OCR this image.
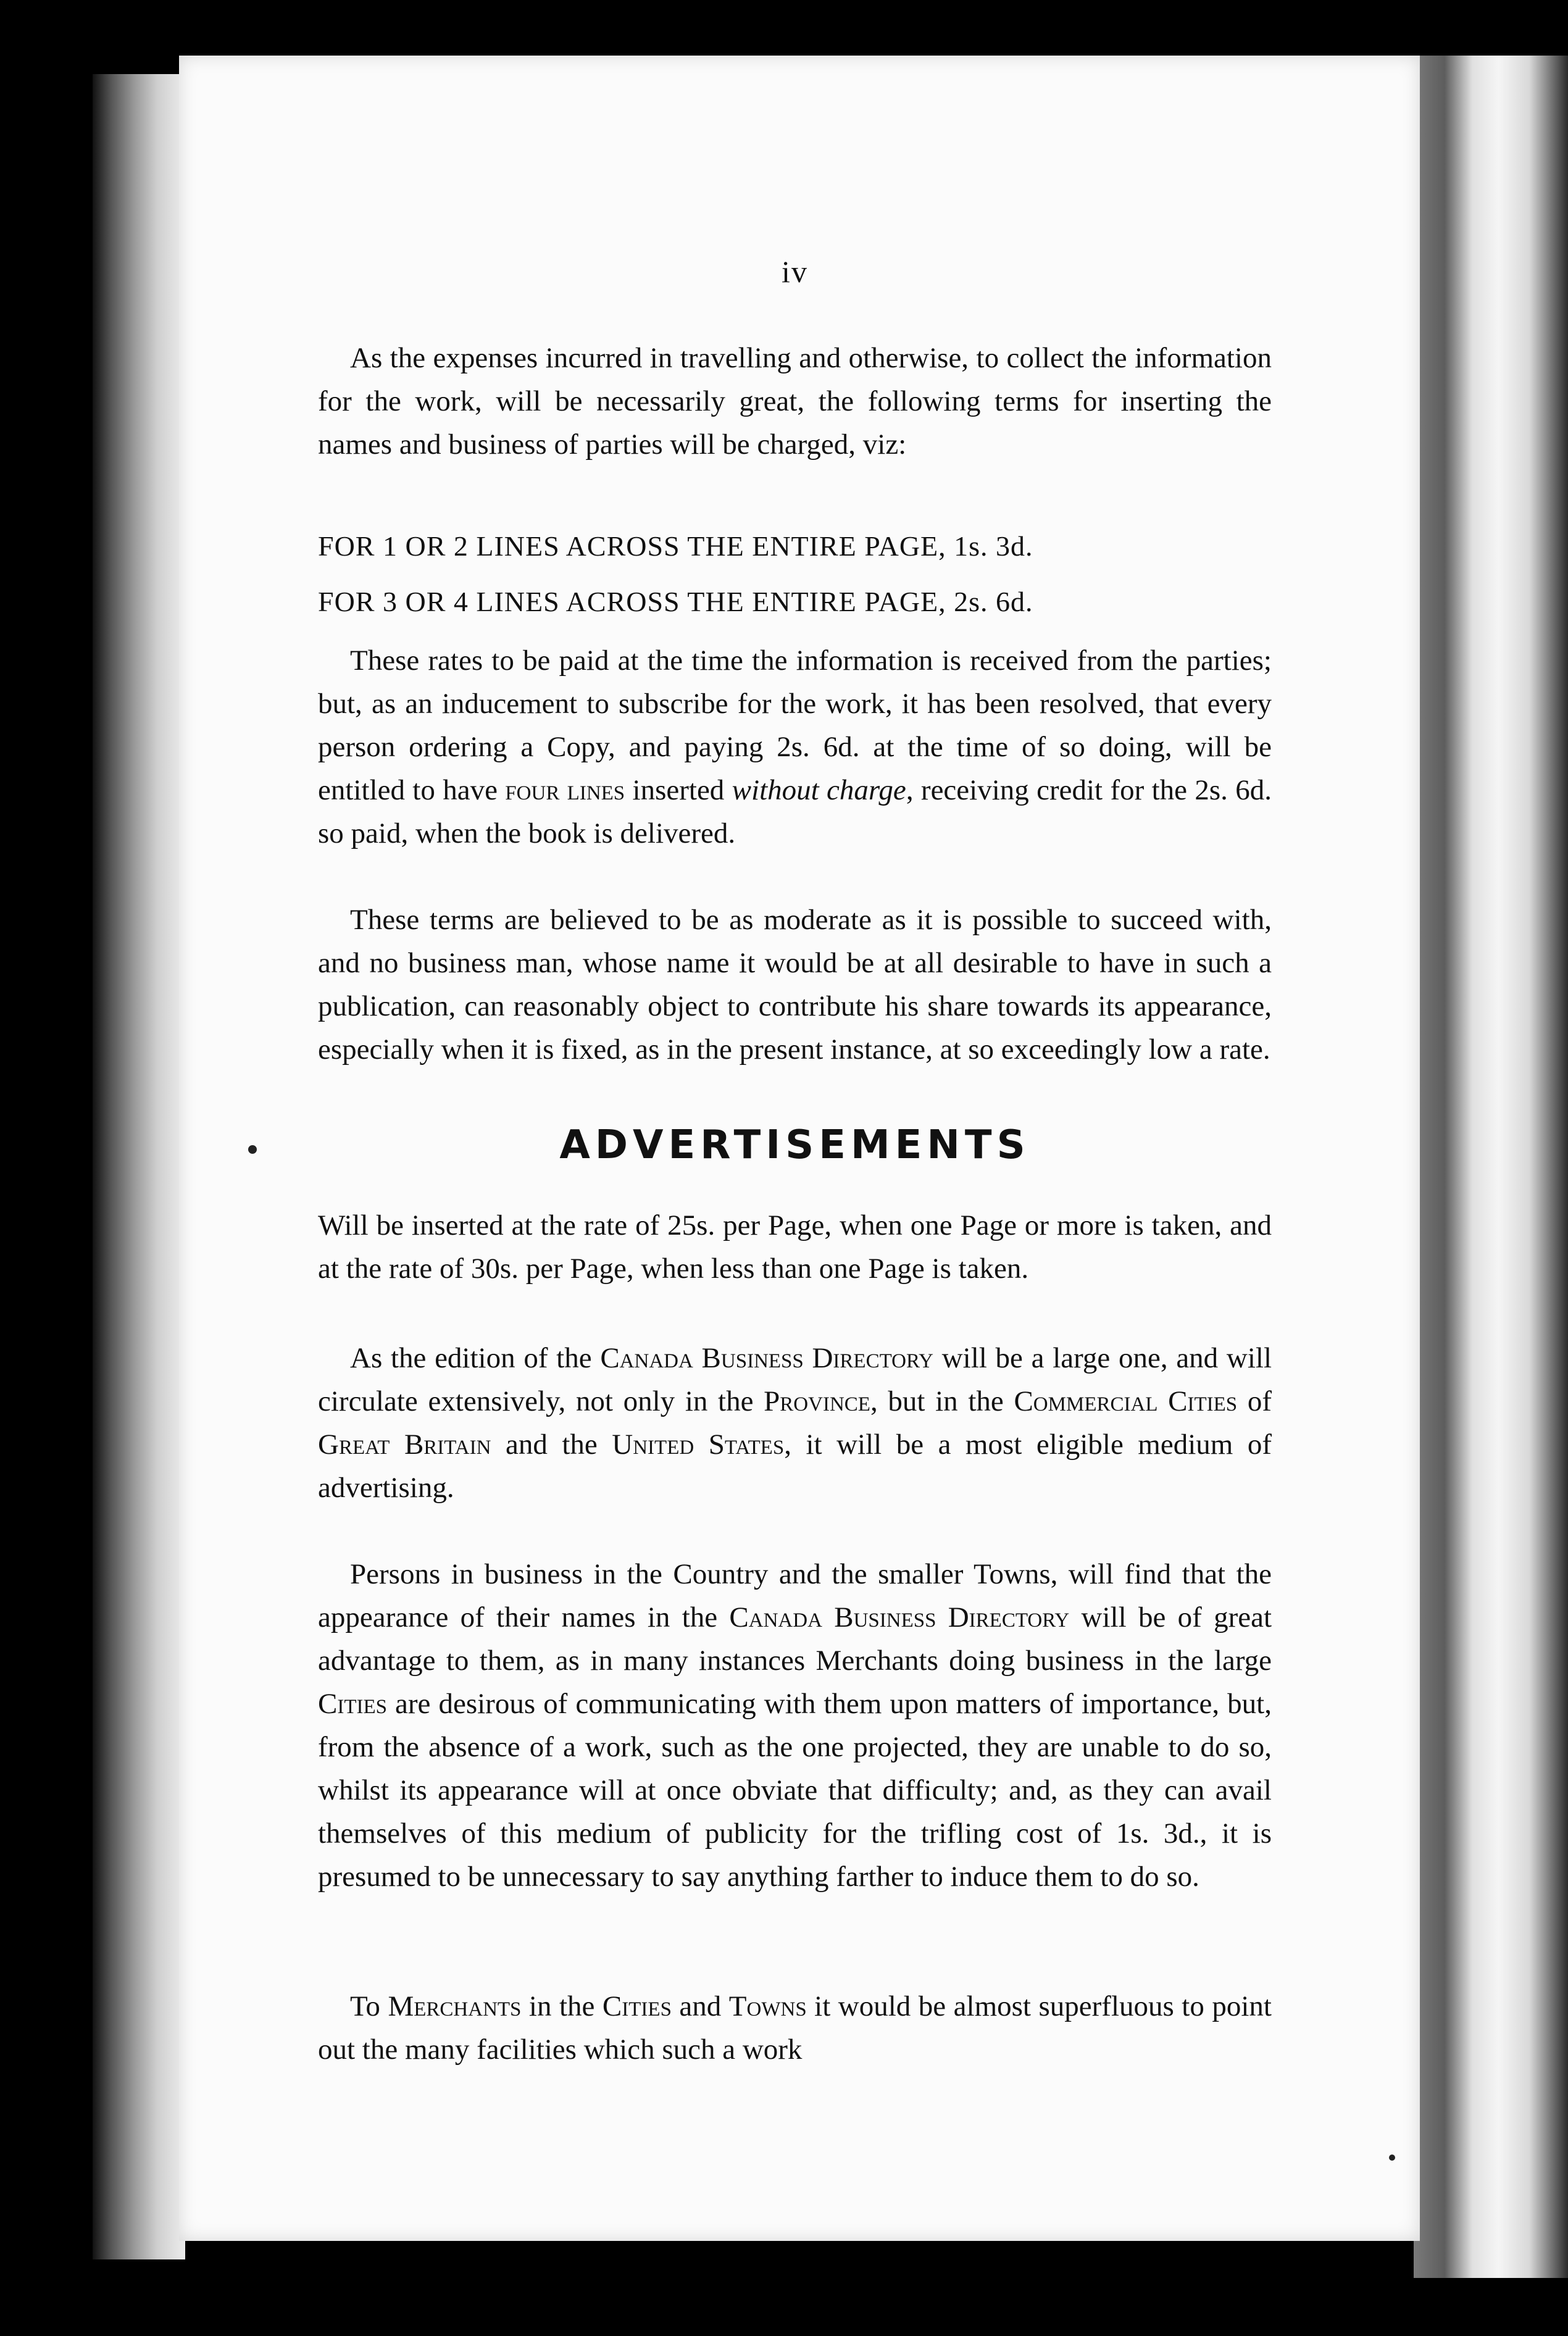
iv

As the expenses incurred in travelling and otherwise, to collect the information for the work, will be necessarily great, the following terms for inserting the names and business of parties will be charged, viz:

FOR 1 OR 2 LINES ACROSS THE ENTIRE PAGE, 1s. 3d.
FOR 3 OR 4 LINES ACROSS THE ENTIRE PAGE, 2s. 6d.

These rates to be paid at the time the information is received from the parties; but, as an inducement to subscribe for the work, it has been resolved, that every person ordering a Copy, and paying 2s. 6d. at the time of so doing, will be entitled to have four lines inserted without charge, receiving credit for the 2s. 6d. so paid, when the book is delivered.

These terms are believed to be as moderate as it is possible to succeed with, and no business man, whose name it would be at all desirable to have in such a publication, can reasonably object to contribute his share towards its appearance, especially when it is fixed, as in the present instance, at so exceedingly low a rate.

ADVERTISEMENTS

Will be inserted at the rate of 25s. per Page, when one Page or more is taken, and at the rate of 30s. per Page, when less than one Page is taken.

As the edition of the Canada Business Directory will be a large one, and will circulate extensively, not only in the Province, but in the Commercial Cities of Great Britain and the United States, it will be a most eligible medium of advertising.

Persons in business in the Country and the smaller Towns, will find that the appearance of their names in the Canada Business Directory will be of great advantage to them, as in many instances Merchants doing business in the large Cities are desirous of communicating with them upon matters of importance, but, from the absence of a work, such as the one projected, they are unable to do so, whilst its appearance will at once obviate that difficulty; and, as they can avail themselves of this medium of publicity for the trifling cost of 1s. 3d., it is presumed to be unnecessary to say anything farther to induce them to do so.

To Merchants in the Cities and Towns it would be almost superfluous to point out the many facilities which such a work
